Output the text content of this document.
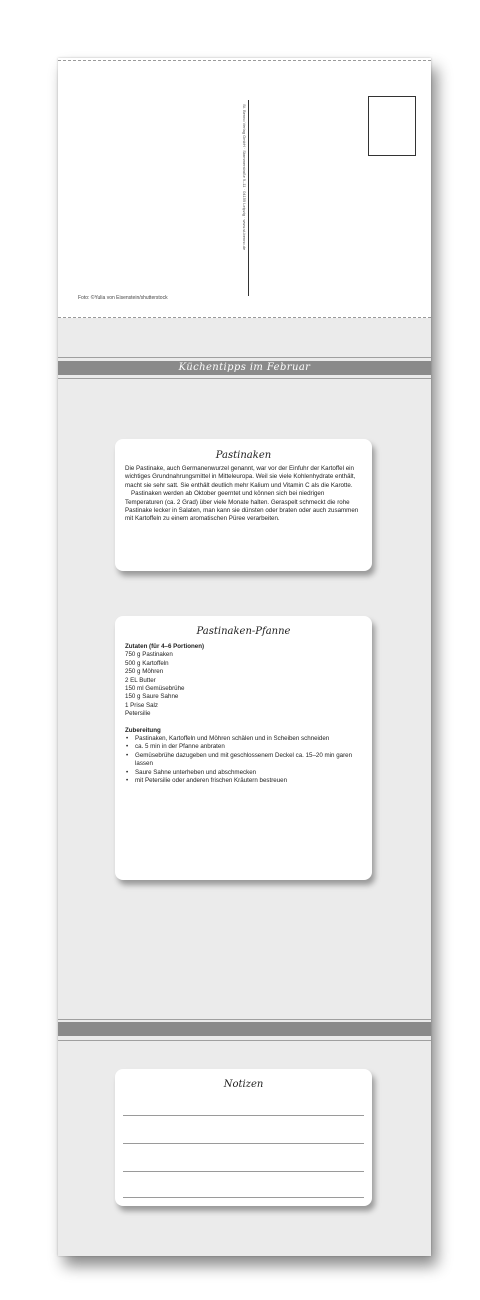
St. Benno Verlag GmbH · Stammerstraße 9–11 · 04159 Leipzig · www.st-benno.de
Foto: ©Yulia von Eisenstein/shutterstock
Küchentipps im Februar
Pastinaken

Die Pastinake, auch Germanenwurzel genannt, war vor der Einfuhr der Kartoffel ein wichtiges Grundnahrungsmittel in Mitteleuropa. Weil sie viele Kohlenhydrate enthält, macht sie sehr satt. Sie enthält deutlich mehr Kalium und Vitamin C als die Karotte.

Pastinaken werden ab Oktober geerntet und können sich bei niedrigen Temperaturen (ca. 2 Grad) über viele Monate halten. Geraspelt schmeckt die rohe Pastinake lecker in Salaten, man kann sie dünsten oder braten oder auch zusammen mit Kartoffeln zu einem aromatischen Püree verarbeiten.

Pastinaken-Pfanne

Zutaten (für 4–6 Portionen)

750 g Pastinaken

500 g Kartoffeln

250 g Möhren

2 EL Butter

150 ml Gemüsebrühe

150 g Saure Sahne

1 Prise Salz

Petersilie

Zubereitung

• Pastinaken, Kartoffeln und Möhren schälen und in Scheiben schneiden
• ca. 5 min in der Pfanne anbraten
• Gemüsebrühe dazugeben und mit geschlossenem Deckel ca. 15–20 min garen lassen
• Saure Sahne unterheben und abschmecken
• mit Petersilie oder anderen frischen Kräutern bestreuen
Notizen
